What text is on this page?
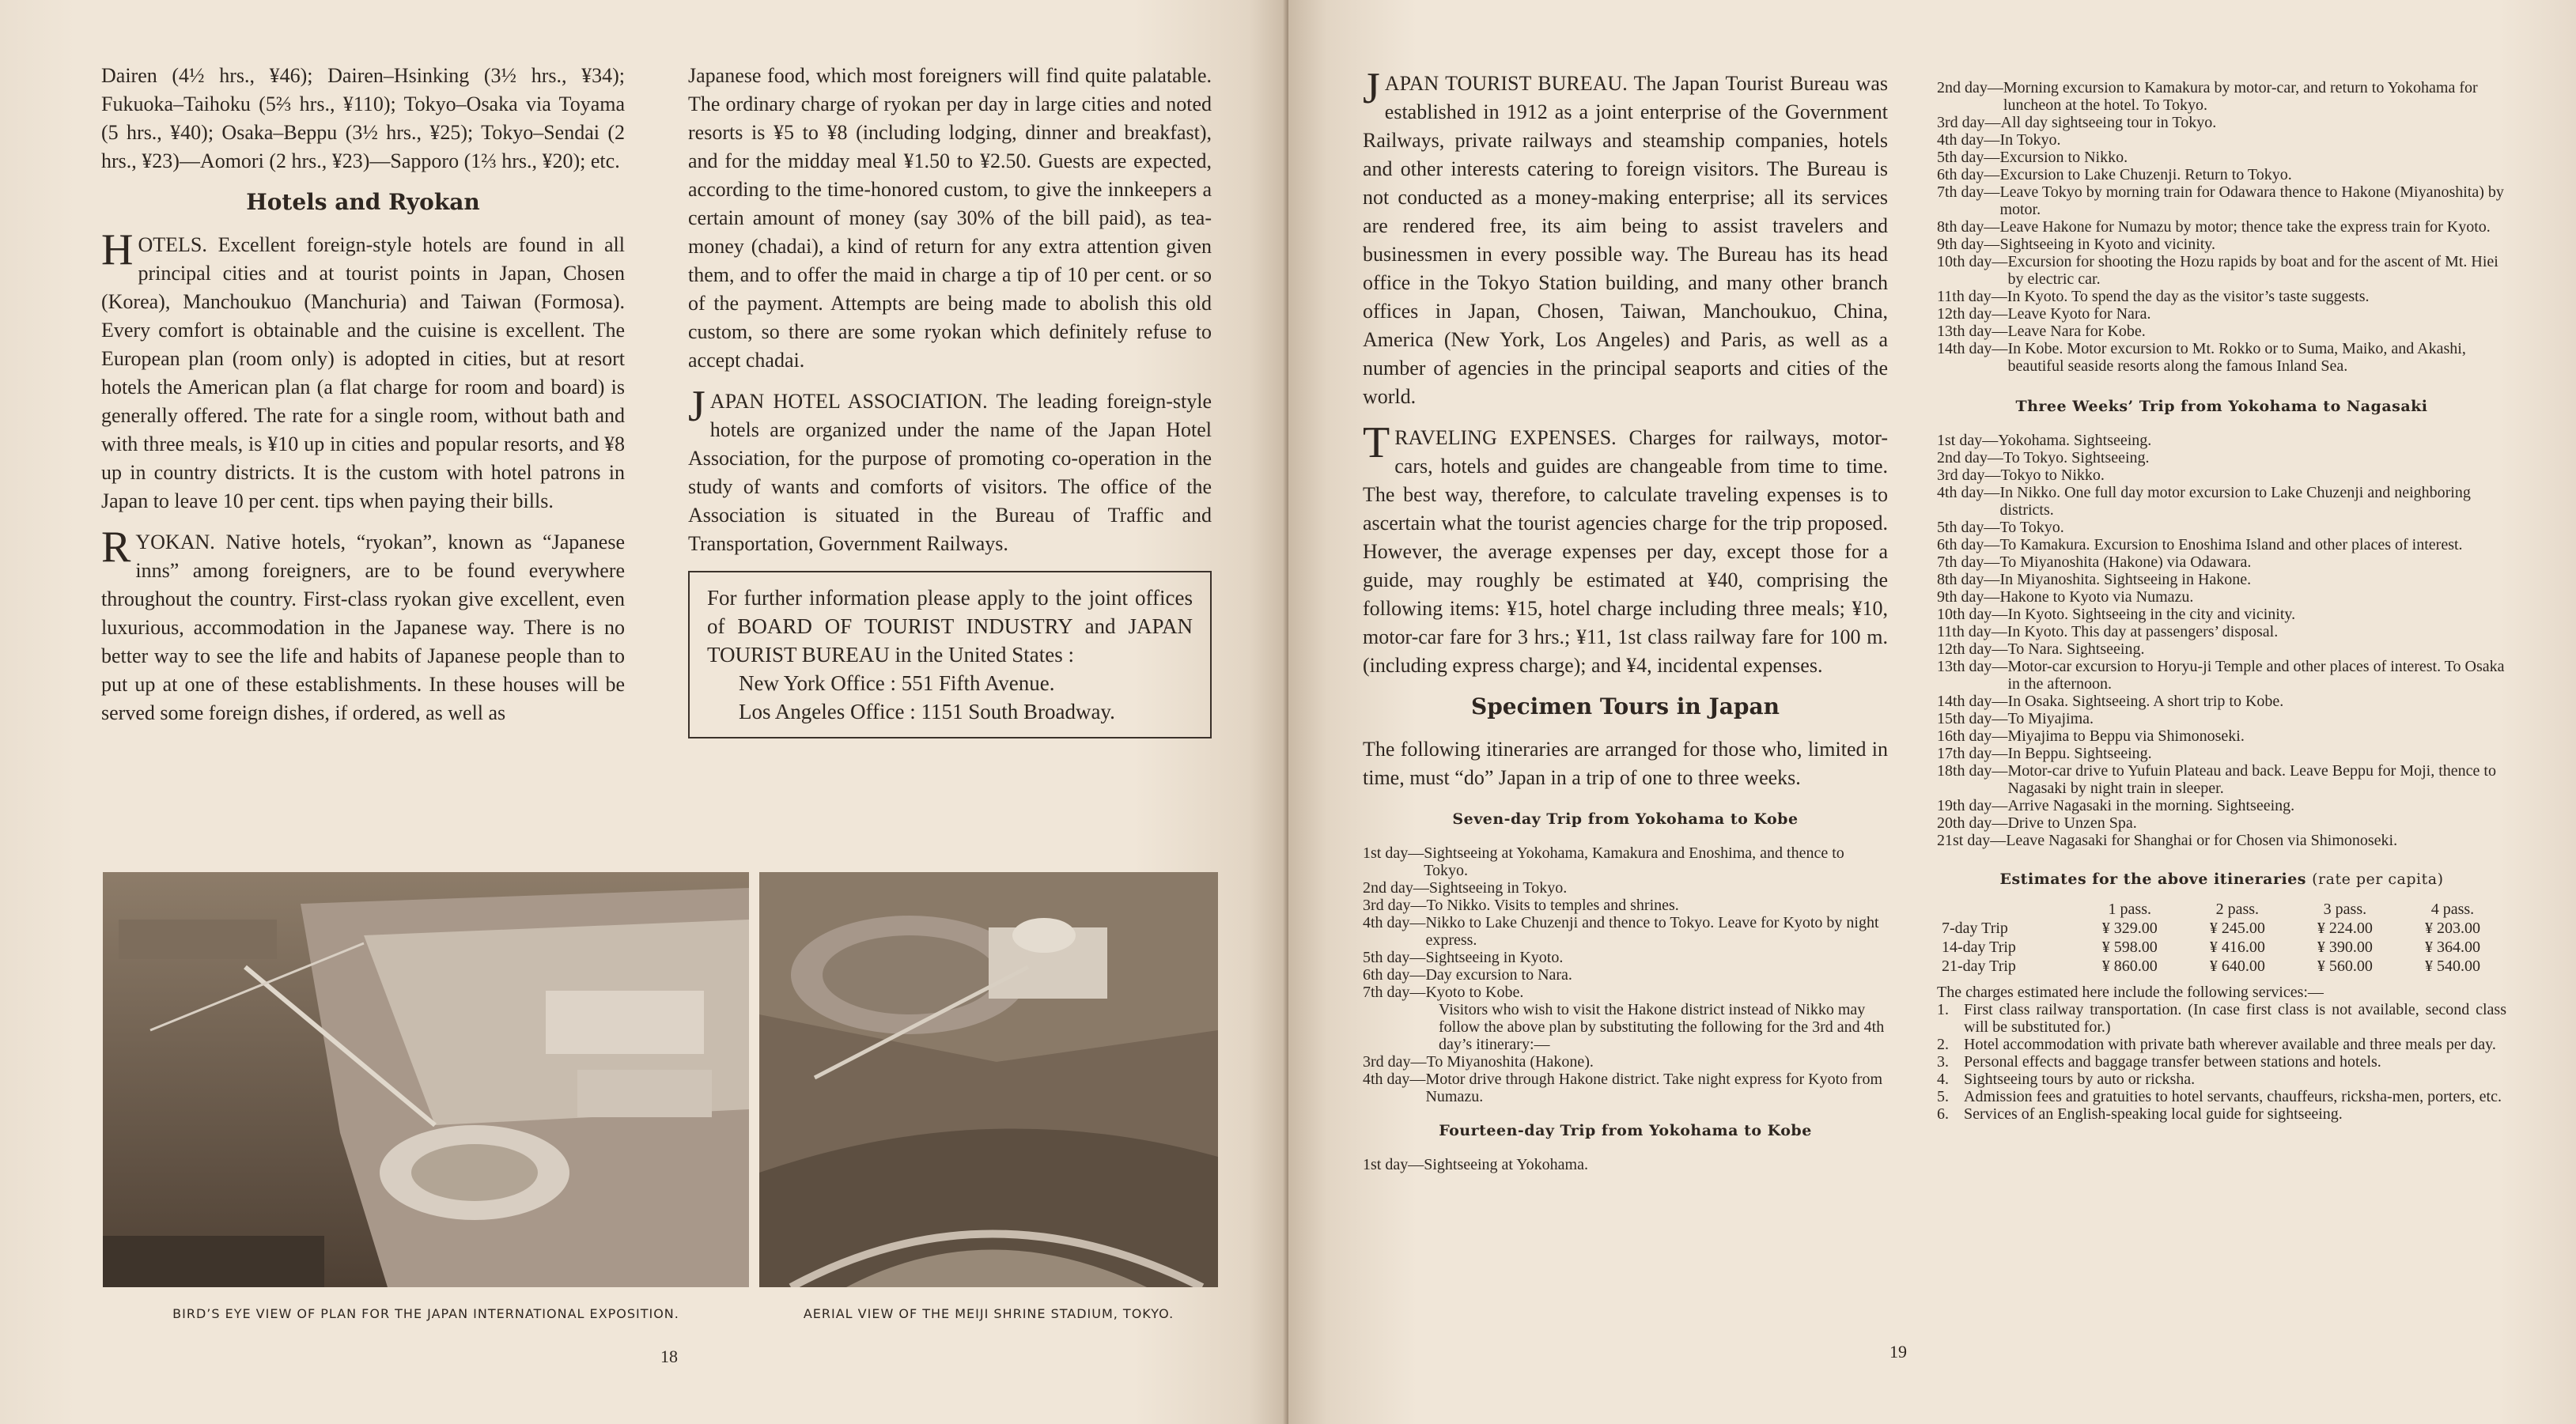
Dairen (4½ hrs., ¥46); Dairen–Hsinking (3½ hrs., ¥34); Fukuoka–Taihoku (5⅔ hrs., ¥110); Tokyo–Osaka via Toyama (5 hrs., ¥40); Osaka–Beppu (3½ hrs., ¥25); Tokyo–Sendai (2 hrs., ¥23)—Aomori (2 hrs., ¥23)—Sapporo (1⅔ hrs., ¥20); etc.

Hotels and Ryokan

HOTELS. Excellent foreign-style hotels are found in all principal cities and at tourist points in Japan, Chosen (Korea), Manchoukuo (Manchuria) and Taiwan (Formosa). Every comfort is obtainable and the cuisine is excellent. The European plan (room only) is adopted in cities, but at resort hotels the American plan (a flat charge for room and board) is generally offered. The rate for a single room, without bath and with three meals, is ¥10 up in cities and popular resorts, and ¥8 up in country districts. It is the custom with hotel patrons in Japan to leave 10 per cent. tips when paying their bills.

RYOKAN. Native hotels, “ryokan”, known as “Japanese inns” among foreigners, are to be found everywhere throughout the country. First-class ryokan give excellent, even luxurious, accommodation in the Japanese way. There is no better way to see the life and habits of Japanese people than to put up at one of these establishments. In these houses will be served some foreign dishes, if ordered, as well as

Japanese food, which most foreigners will find quite palatable. The ordinary charge of ryokan per day in large cities and noted resorts is ¥5 to ¥8 (including lodging, dinner and breakfast), and for the midday meal ¥1.50 to ¥2.50. Guests are expected, according to the time-honored custom, to give the innkeepers a certain amount of money (say 30% of the bill paid), as tea-money (chadai), a kind of return for any extra attention given them, and to offer the maid in charge a tip of 10 per cent. or so of the payment. Attempts are being made to abolish this old custom, so there are some ryokan which definitely refuse to accept chadai.

JAPAN HOTEL ASSOCIATION. The leading foreign-style hotels are organized under the name of the Japan Hotel Association, for the purpose of promoting co-operation in the study of wants and comforts of visitors. The office of the Association is situated in the Bureau of Traffic and Transportation, Government Railways.

For further information please apply to the joint offices of BOARD OF TOURIST INDUSTRY and JAPAN TOURIST BUREAU in the United States :
New York Office : 551 Fifth Avenue.
Los Angeles Office : 1151 South Broadway.
BIRD’S EYE VIEW OF PLAN FOR THE JAPAN INTERNATIONAL EXPOSITION.	AERIAL VIEW OF THE MEIJI SHRINE STADIUM, TOKYO.
18

JAPAN TOURIST BUREAU. The Japan Tourist Bureau was established in 1912 as a joint enterprise of the Government Railways, private railways and steamship companies, hotels and other interests catering to foreign visitors. The Bureau is not conducted as a money-making enterprise; all its services are rendered free, its aim being to assist travelers and businessmen in every possible way. The Bureau has its head office in the Tokyo Station building, and many other branch offices in Japan, Chosen, Taiwan, Manchoukuo, China, America (New York, Los Angeles) and Paris, as well as a number of agencies in the principal seaports and cities of the world.

TRAVELING EXPENSES. Charges for railways, motor-cars, hotels and guides are changeable from time to time. The best way, therefore, to calculate traveling expenses is to ascertain what the tourist agencies charge for the trip proposed. However, the average expenses per day, except those for a guide, may roughly be estimated at ¥40, comprising the following items: ¥15, hotel charge including three meals; ¥10, motor-car fare for 3 hrs.; ¥11, 1st class railway fare for 100 m. (including express charge); and ¥4, incidental expenses.

Specimen Tours in Japan

The following itineraries are arranged for those who, limited in time, must “do” Japan in a trip of one to three weeks.

Seven-day Trip from Yokohama to Kobe
1st day— Sightseeing at Yokohama, Kamakura and Enoshima, and thence to Tokyo.
2nd day— Sightseeing in Tokyo.
3rd day— To Nikko. Visits to temples and shrines.
4th day— Nikko to Lake Chuzenji and thence to Tokyo. Leave for Kyoto by night express.
5th day— Sightseeing in Kyoto.
6th day— Day excursion to Nara.
7th day— Kyoto to Kobe.
Visitors who wish to visit the Hakone district instead of Nikko may follow the above plan by substituting the following for the 3rd and 4th day’s itinerary:—
3rd day— To Miyanoshita (Hakone).
4th day— Motor drive through Hakone district. Take night express for Kyoto from Numazu.
Fourteen-day Trip from Yokohama to Kobe
1st day— Sightseeing at Yokohama.
2nd day— Morning excursion to Kamakura by motor-car, and return to Yokohama for luncheon at the hotel. To Tokyo.
3rd day— All day sightseeing tour in Tokyo.
4th day— In Tokyo.
5th day— Excursion to Nikko.
6th day— Excursion to Lake Chuzenji. Return to Tokyo.
7th day— Leave Tokyo by morning train for Odawara thence to Hakone (Miyanoshita) by motor.
8th day— Leave Hakone for Numazu by motor; thence take the express train for Kyoto.
9th day— Sightseeing in Kyoto and vicinity.
10th day— Excursion for shooting the Hozu rapids by boat and for the ascent of Mt. Hiei by electric car.
11th day— In Kyoto. To spend the day as the visitor’s taste suggests.
12th day— Leave Kyoto for Nara.
13th day— Leave Nara for Kobe.
14th day— In Kobe. Motor excursion to Mt. Rokko or to Suma, Maiko, and Akashi, beautiful seaside resorts along the famous Inland Sea.
Three Weeks’ Trip from Yokohama to Nagasaki
1st day— Yokohama. Sightseeing.
2nd day— To Tokyo. Sightseeing.
3rd day— Tokyo to Nikko.
4th day— In Nikko. One full day motor excursion to Lake Chuzenji and neighboring districts.
5th day— To Tokyo.
6th day— To Kamakura. Excursion to Enoshima Island and other places of interest.
7th day— To Miyanoshita (Hakone) via Odawara.
8th day— In Miyanoshita. Sightseeing in Hakone.
9th day— Hakone to Kyoto via Numazu.
10th day— In Kyoto. Sightseeing in the city and vicinity.
11th day— In Kyoto. This day at passengers’ disposal.
12th day— To Nara. Sightseeing.
13th day— Motor-car excursion to Horyu-ji Temple and other places of interest. To Osaka in the afternoon.
14th day— In Osaka. Sightseeing. A short trip to Kobe.
15th day— To Miyajima.
16th day— Miyajima to Beppu via Shimonoseki.
17th day— In Beppu. Sightseeing.
18th day— Motor-car drive to Yufuin Plateau and back. Leave Beppu for Moji, thence to Nagasaki by night train in sleeper.
19th day— Arrive Nagasaki in the morning. Sightseeing.
20th day— Drive to Unzen Spa.
21st day— Leave Nagasaki for Shanghai or for Chosen via Shimonoseki.
Estimates for the above itineraries (rate per capita)
	1 pass.	2 pass.	3 pass.	4 pass.
7-day Trip	¥ 329.00	¥ 245.00	¥ 224.00	¥ 203.00
14-day Trip	¥ 598.00	¥ 416.00	¥ 390.00	¥ 364.00
21-day Trip	¥ 860.00	¥ 640.00	¥ 560.00	¥ 540.00
The charges estimated here include the following services:—
1. First class railway transportation. (In case first class is not available, second class will be substituted for.)
2. Hotel accommodation with private bath wherever available and three meals per day.
3. Personal effects and baggage transfer between stations and hotels.
4. Sightseeing tours by auto or ricksha.
5. Admission fees and gratuities to hotel servants, chauffeurs, ricksha-men, porters, etc.
6. Services of an English-speaking local guide for sightseeing.
19
